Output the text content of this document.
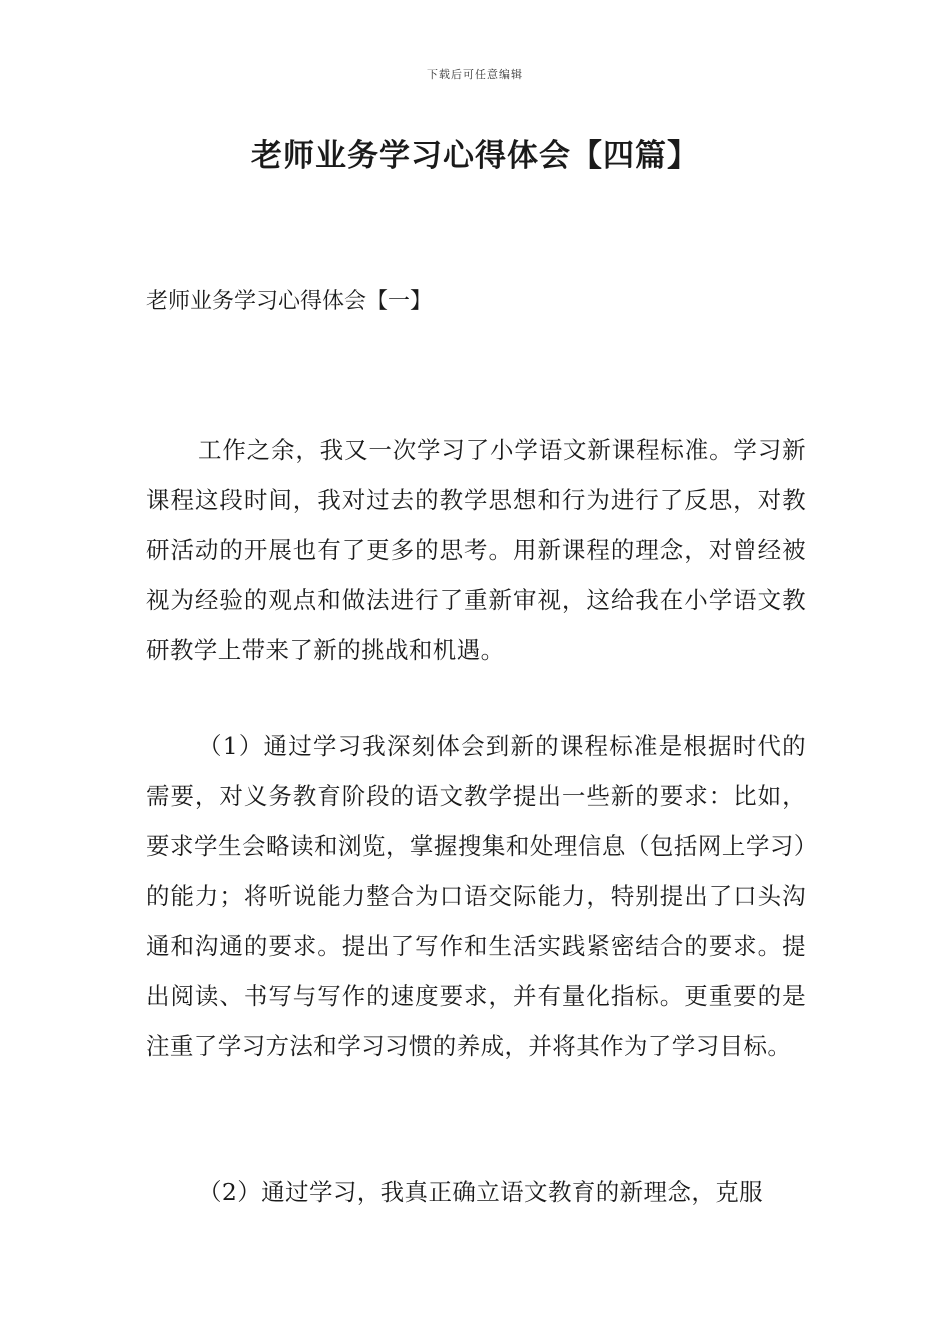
下载后可任意编辑
老师业务学习心得体会【四篇】

老师业务学习心得体会【一】

工作之余，我又一次学习了小学语文新课程标准。学习新课程这段时间，我对过去的教学思想和行为进行了反思，对教研活动的开展也有了更多的思考。用新课程的理念，对曾经被视为经验的观点和做法进行了重新审视，这给我在小学语文教研教学上带来了新的挑战和机遇。

（1）通过学习我深刻体会到新的课程标准是根据时代的需要，对义务教育阶段的语文教学提出一些新的要求：比如，要求学生会略读和浏览，掌握搜集和处理信息（包括网上学习）的能力；将听说能力整合为口语交际能力，特别提出了口头沟通和沟通的要求。提出了写作和生活实践紧密结合的要求。提出阅读、书写与写作的速度要求，并有量化指标。更重要的是注重了学习方法和学习习惯的养成，并将其作为了学习目标。

（2）通过学习，我真正确立语文教育的新理念，克服
